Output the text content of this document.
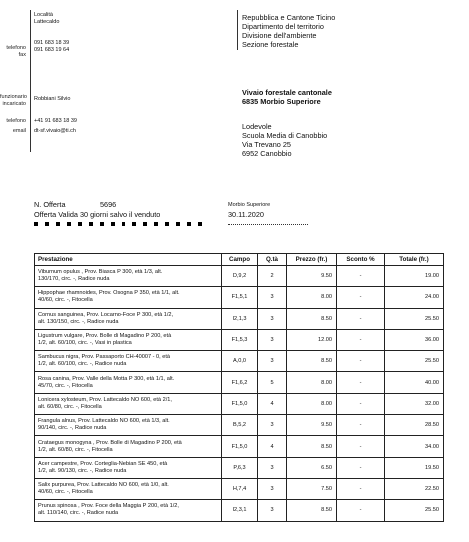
telefono
fax
funzionario incaricato
telefono
email
Località
Lattecaldo
091 683 18 39
091 683 19 64
Robbiani Silvio
+41 91 683 18 39
dt-sf.vivaio@ti.ch
Repubblica e Cantone Ticino
Dipartimento del territorio
Divisione dell'ambiente
Sezione forestale
Vivaio forestale cantonale
6835 Morbio Superiore
Lodevole
Scuola Media di Canobbio
Via Trevano 25
6952 Canobbio
N. Offerta	5696
Offerta Valida 30 giorni salvo il venduto
Morbio Superiore
30.11.2020
Prestazione	Campo	Q.tà	Prezzo (fr.)	Sconto %	Totale (fr.)

Viburnum opulus , Prov. Biasca P 300, età 1/3, alt.
130/170, circ. -, Radice nuda	D,9,2	2	9.50	-	19.00

Hippophae rhamnoides, Prov. Osogna P 350, età 1/1, alt.
40/60, circ. -, Fitocella	F1,5,1	3	8.00	-	24.00

Cornus sanguinea, Prov. Locarno-Foce P 300, età 1/2,
alt. 130/150, circ. -, Radice nuda	I2,1,3	3	8.50	-	25.50

Ligustrum vulgare, Prov. Bolle di Magadino P 200, età
1/2, alt. 60/100, circ. -, Vasi in plastica	F1,5,3	3	12.00	-	36.00

Sambucus nigra, Prov. Passaporto CH-40007 - 0, età
1/2, alt. 60/100, circ. -, Radice nuda	A,0,0	3	8.50	-	25.50

Rosa canina, Prov. Valle della Motta P 300, età 1/1, alt.
45/70, circ. -, Fitocella	F1,6,2	5	8.00	-	40.00

Lonicera xylosteum, Prov. Lattecaldo NO 600, età 2/1,
alt. 60/80, circ. -, Fitocella	F1,5,0	4	8.00	-	32.00

Frangula alnus, Prov. Lattecaldo NO 600, età 1/3, alt.
90/140, circ. -, Radice nuda	B,5,2	3	9.50	-	28.50

Crataegus monogyna , Prov. Bolle di Magadino P 200, età
1/2, alt. 60/80, circ. -, Fitocella	F1,5,0	4	8.50	-	34.00

Acer campestre, Prov. Corteglia-Nebian SE 450, età
1/2, alt. 90/130, circ. -, Radice nuda	P,6,3	3	6.50	-	19.50

Salix purpurea, Prov. Lattecaldo NO 600, età 1/0, alt.
40/60, circ. -, Fitocella	H,7,4	3	7.50	-	22.50

Prunus spinosa , Prov. Foce della Maggia P 200, età 1/2,
alt. 110/140, circ. -, Radice nuda	I2,3,1	3	8.50	-	25.50
